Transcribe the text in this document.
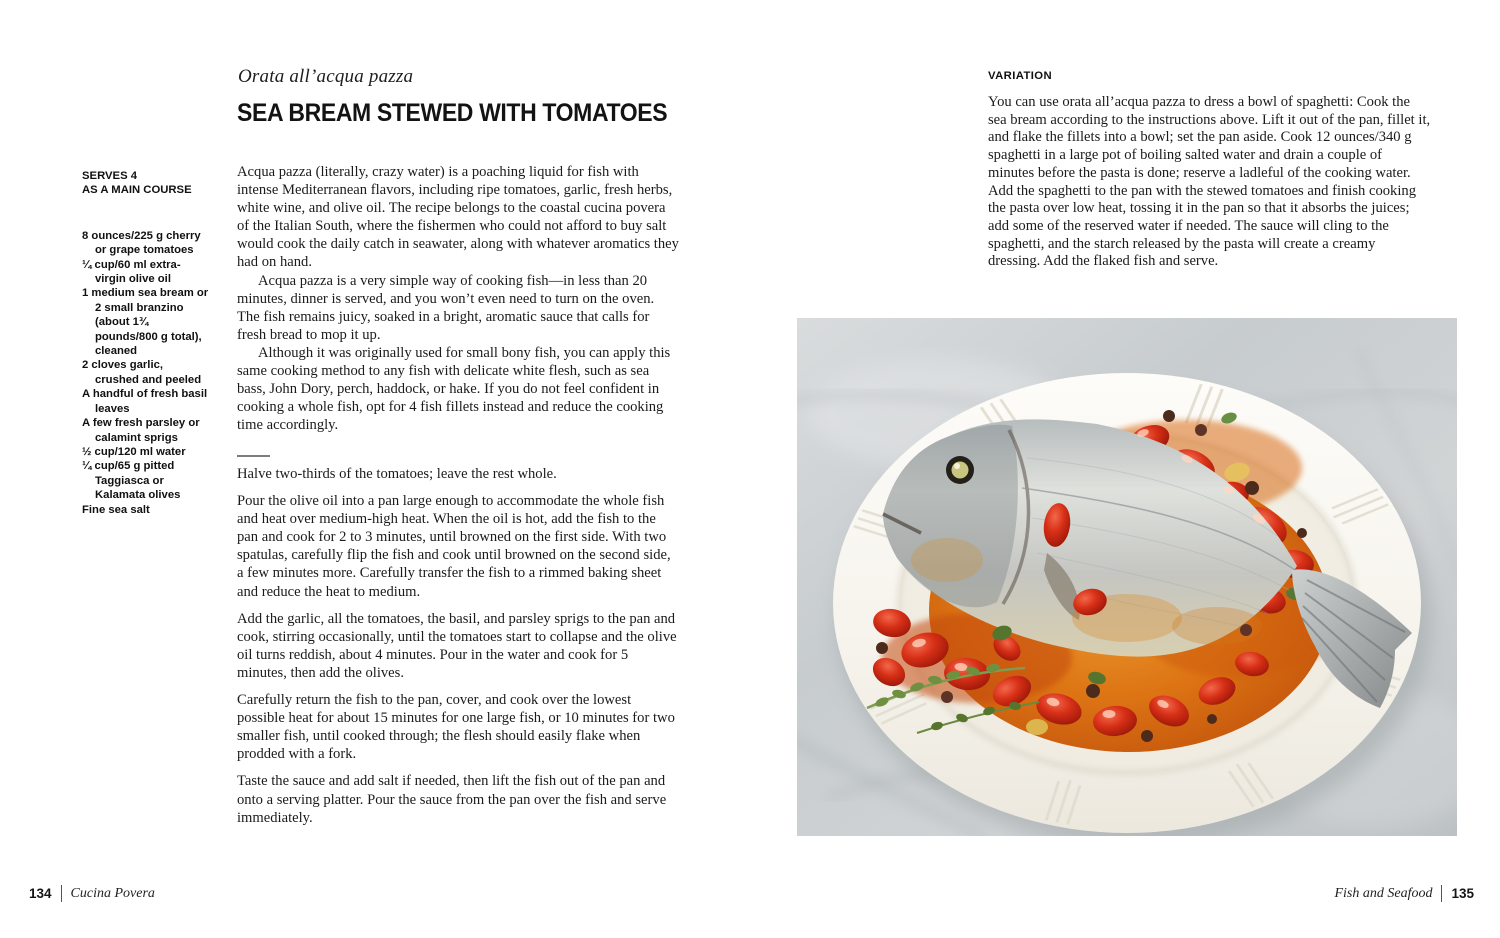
Orata all’acqua pazza
SEA BREAM STEWED WITH TOMATOES
SERVES 4
AS A MAIN COURSE
8 ounces/225 g cherry or grape tomatoes
¼ cup/60 ml extra-virgin olive oil
1 medium sea bream or 2 small branzino (about 1¾ pounds/800 g total), cleaned
2 cloves garlic, crushed and peeled
A handful of fresh basil leaves
A few fresh parsley or calamint sprigs
½ cup/120 ml water
¼ cup/65 g pitted Taggiasca or Kalamata olives
Fine sea salt

Acqua pazza (literally, crazy water) is a poaching liquid for fish with intense Mediterranean flavors, including ripe tomatoes, garlic, fresh herbs, white wine, and olive oil. The recipe belongs to the coastal cucina povera of the Italian South, where the fishermen who could not afford to buy salt would cook the daily catch in seawater, along with whatever aromatics they had on hand.

Acqua pazza is a very simple way of cooking fish—in less than 20 minutes, dinner is served, and you won’t even need to turn on the oven. The fish remains juicy, soaked in a bright, aromatic sauce that calls for fresh bread to mop it up.

Although it was originally used for small bony fish, you can apply this same cooking method to any fish with delicate white flesh, such as sea bass, John Dory, perch, haddock, or hake. If you do not feel confident in cooking a whole fish, opt for 4 fish fillets instead and reduce the cooking time accordingly.

Halve two-thirds of the tomatoes; leave the rest whole.

Pour the olive oil into a pan large enough to accommodate the whole fish and heat over medium-high heat. When the oil is hot, add the fish to the pan and cook for 2 to 3 minutes, until browned on the first side. With two spatulas, carefully flip the fish and cook until browned on the second side, a few minutes more. Carefully transfer the fish to a rimmed baking sheet and reduce the heat to medium.

Add the garlic, all the tomatoes, the basil, and parsley sprigs to the pan and cook, stirring occasionally, until the tomatoes start to collapse and the olive oil turns reddish, about 4 minutes. Pour in the water and cook for 5 minutes, then add the olives.

Carefully return the fish to the pan, cover, and cook over the lowest possible heat for about 15 minutes for one large fish, or 10 minutes for two smaller fish, until cooked through; the flesh should easily flake when prodded with a fork.

Taste the sauce and add salt if needed, then lift the fish out of the pan and onto a serving platter. Pour the sauce from the pan over the fish and serve immediately.

134 Cucina Povera
VARIATION
You can use orata all’acqua pazza to dress a bowl of spaghetti: Cook the sea bream according to the instructions above. Lift it out of the pan, fillet it, and flake the fillets into a bowl; set the pan aside. Cook 12 ounces/340 g spaghetti in a large pot of boiling salted water and drain a couple of minutes before the pasta is done; reserve a ladleful of the cooking water. Add the spaghetti to the pan with the stewed tomatoes and finish cooking the pasta over low heat, tossing it in the pan so that it absorbs the juices; add some of the reserved water if needed. The sauce will cling to the spaghetti, and the starch released by the pasta will create a creamy dressing. Add the flaked fish and serve.
Fish and Seafood 135
